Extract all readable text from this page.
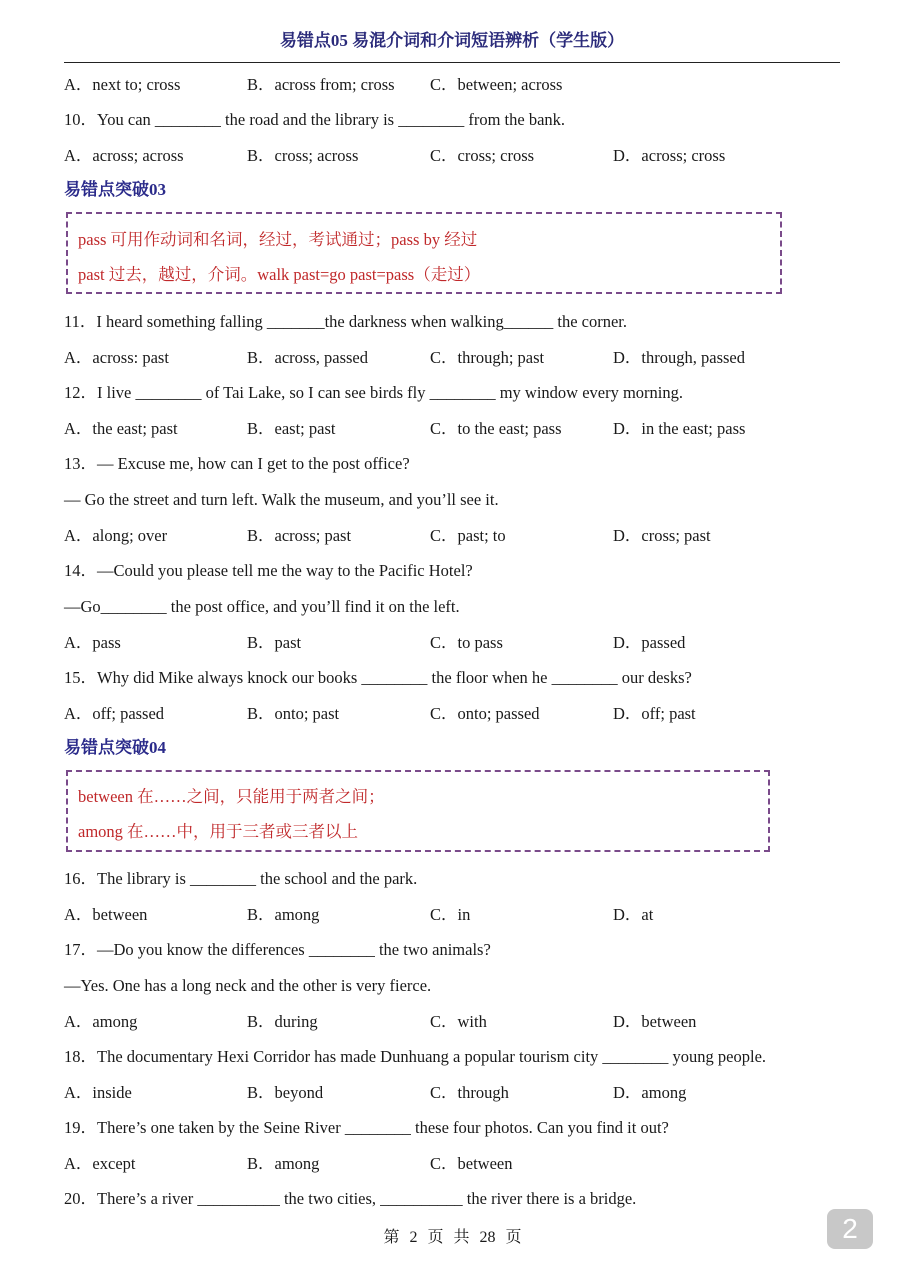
易错点05 易混介词和介词短语辨析（学生版）
A．next to; cross	B．across from; cross C．between; across
10．You can ________ the road and the library is ________ from the bank.
A．across; across	B．cross; across	C．cross; cross	D．across; cross
易错点突破03
11．I heard something falling _______the darkness when walking______ the corner.
A．across: past	B．across, passed	C．through; past	D．through, passed
12．I live ________ of Tai Lake, so I can see birds fly ________ my window every morning.
A．the east; past	B．east; past	C．to the east; pass	D．in the east; pass
13．— Excuse me, how can I get to the post office?
— Go the street and turn left. Walk the museum, and you’ll see it.
A．along; over	B．across; past	C．past; to	D．cross; past
14．—Could you please tell me the way to the Pacific Hotel?
—Go________ the post office, and you’ll find it on the left.
A．pass	B．past	C．to pass	D．passed
15．Why did Mike always knock our books ________ the floor when he ________ our desks?
A．off; passed	B．onto; past	C．onto; passed	D．off; past
易错点突破04
16．The library is ________ the school and the park.
A．between	B．among	C．in	D．at
17．—Do you know the differences ________ the two animals?
—Yes. One has a long neck and the other is very fierce.
A．among	B．during	C．with	D．between
18．The documentary Hexi Corridor has made Dunhuang a popular tourism city ________ young people.
A．inside	B．beyond	C．through	D．among
19．There’s one taken by the Seine River ________ these four photos. Can you find it out?
A．except	B．among	C．between
20．There’s a river __________ the two cities, __________ the river there is a bridge.
pass 可用作动词和名词，经过，考试通过；pass by 经过
past 过去，越过，介词。walk past=go past=pass（走过）
between 在……之间，只能用于两者之间；
among 在……中，用于三者或三者以上
第 2 页 共 28 页	2
